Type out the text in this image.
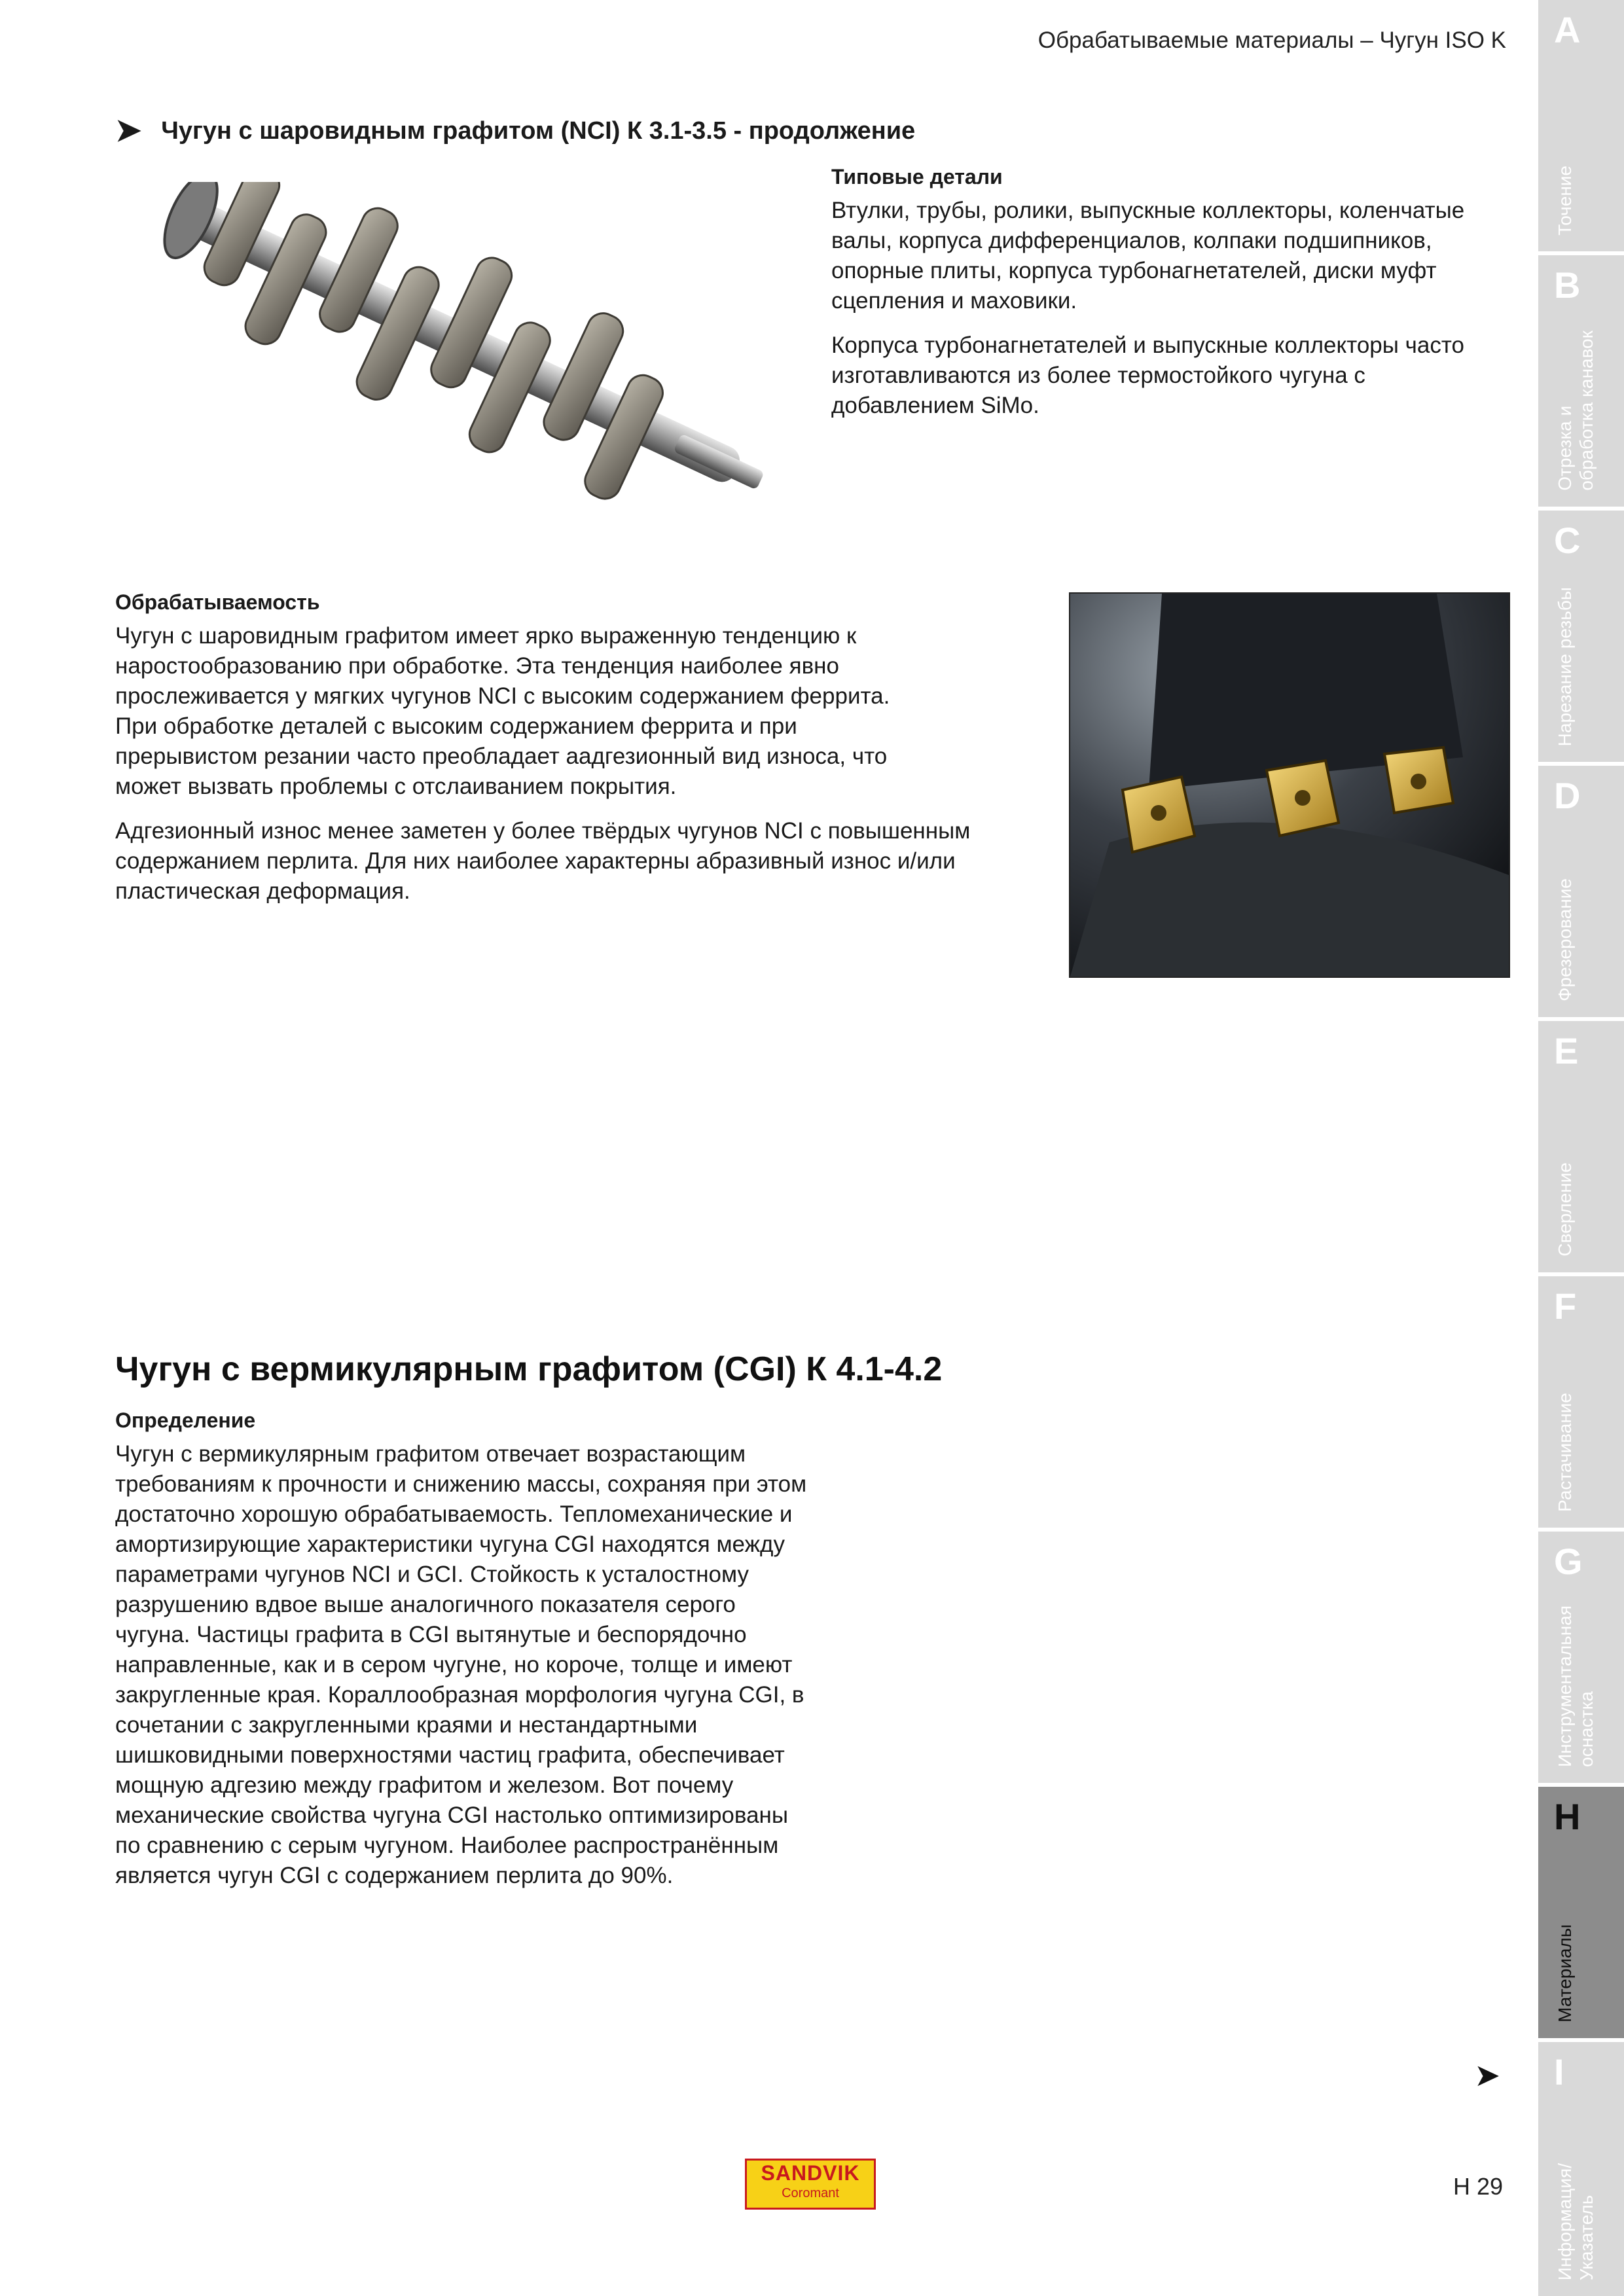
Обрабатываемые материалы – Чугун ISO K
➤ Чугун с шаровидным графитом (NCI) К 3.1-3.5 - продолжение

Типовые детали

Втулки, трубы, ролики, выпускные коллекторы, коленчатые валы, корпуса дифференциалов, колпаки подшипников, опорные плиты, корпуса турбонагнетателей, диски муфт сцепления и маховики.

Корпуса турбонагнетателей и выпускные коллекторы часто изготавливаются из более термостойкого чугуна с добавлением SiMo.

Обрабатываемость

Чугун с шаровидным графитом имеет ярко выраженную тенденцию к наростообразованию при обработке. Эта тенденция наиболее явно прослеживается у мягких чугунов NCI с высоким содержанием феррита. При обработке деталей с высоким содержанием феррита и при прерывистом резании часто преобладает аадгезионный вид износа, что может вызвать проблемы с отслаиванием покрытия.

Адгезионный износ менее заметен у более твёрдых чугунов NCI с повышенным содержанием перлита. Для них наиболее характерны абразивный износ и/или пластическая деформация.

Чугун с вермикулярным графитом (CGI) К 4.1-4.2

Определение

Чугун с вермикулярным графитом отвечает возрастающим требованиям к прочности и снижению массы, сохраняя при этом достаточно хорошую обрабатываемость. Тепломеханические и амортизирующие характеристики чугуна CGI находятся между параметрами чугунов NCI и GCI. Стойкость к усталостному разрушению вдвое выше аналогичного показателя серого чугуна. Частицы графита в CGI вытянутые и беспорядочно направленные, как и в сером чугуне, но короче, толще и имеют закругленные края. Кораллообразная морфология чугуна CGI, в сочетании с закругленными краями и нестандартными шишковидными поверхностями частиц графита, обеспечивает мощную адгезию между графитом и железом. Вот почему механические свойства чугуна CGI настолько оптимизированы по сравнению с серым чугуном. Наиболее распространённым является чугун CGI с содержанием перлита до 90%.

A
Точение
B
Отрезка и
обработка канавок
C
Нарезание резьбы
D
Фрезерование
E
Сверление
F
Растачивание
G
Инструментальная
оснастка
H
Материалы
I
Информация/
Указатель
➤
SANDVIK
Coromant	H 29
